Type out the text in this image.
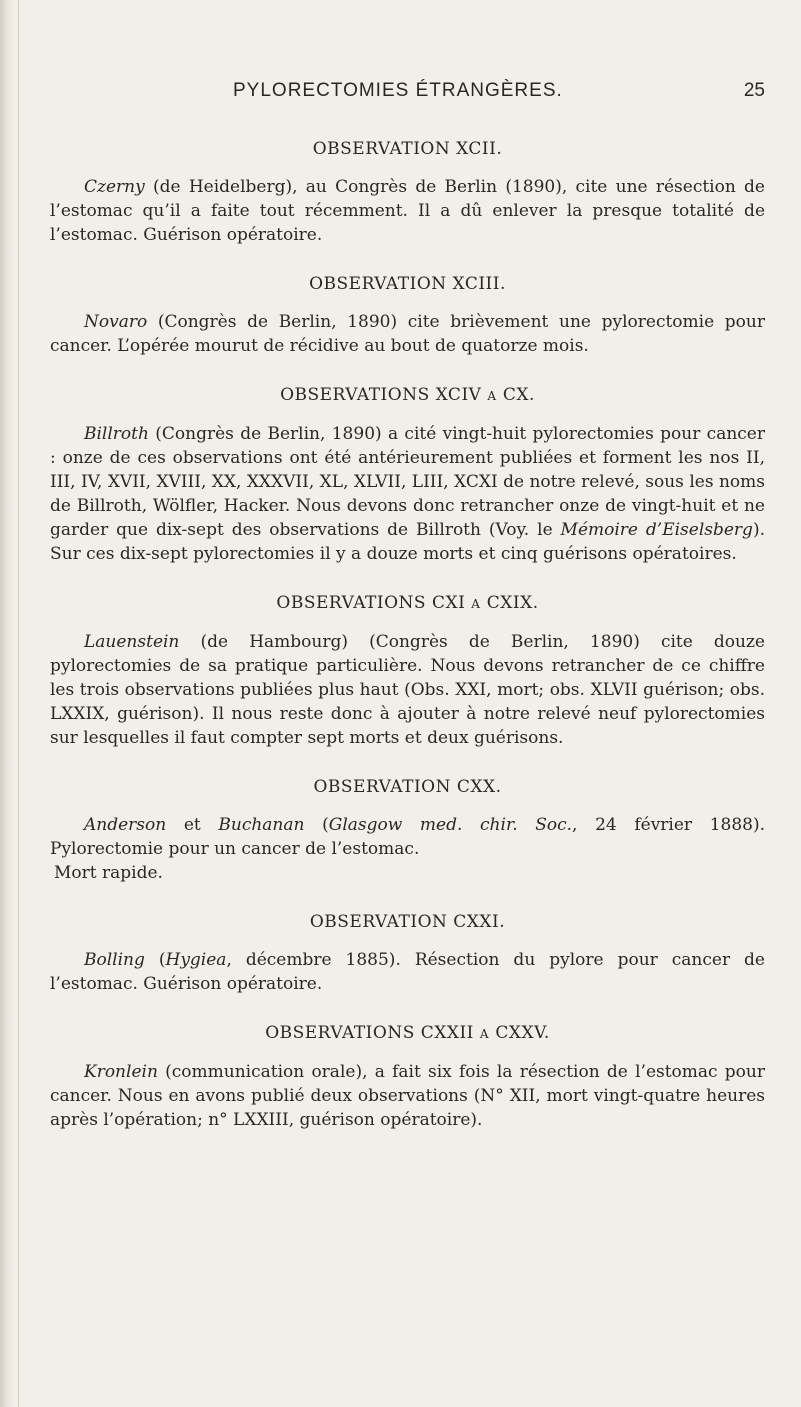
PYLORECTOMIES ÉTRANGÈRES.	25

OBSERVATION XCII.

Czerny (de Heidelberg), au Congrès de Berlin (1890), cite une résection de l’estomac qu’il a faite tout récemment. Il a dû enlever la presque totalité de l’estomac. Guérison opératoire.

OBSERVATION XCIII.

Novaro (Congrès de Berlin, 1890) cite brièvement une pylorectomie pour cancer. L’opérée mourut de récidive au bout de quatorze mois.

OBSERVATIONS XCIV A CX.

Billroth (Congrès de Berlin, 1890) a cité vingt-huit pylorectomies pour cancer : onze de ces observations ont été antérieurement publiées et forment les nos II, III, IV, XVII, XVIII, XX, XXXVII, XL, XLVII, LIII, XCXI de notre relevé, sous les noms de Billroth, Wölfler, Hacker. Nous devons donc retrancher onze de vingt-huit et ne garder que dix-sept des observations de Billroth (Voy. le Mémoire d’Eiselsberg). Sur ces dix-sept pylorectomies il y a douze morts et cinq guérisons opératoires.

OBSERVATIONS CXI A CXIX.

Lauenstein (de Hambourg) (Congrès de Berlin, 1890) cite douze pylorectomies de sa pratique particulière. Nous devons retrancher de ce chiffre les trois observations publiées plus haut (Obs. XXI, mort; obs. XLVII guérison; obs. LXXIX, guérison). Il nous reste donc à ajouter à notre relevé neuf pylorectomies sur lesquelles il faut compter sept morts et deux guérisons.

OBSERVATION CXX.

Anderson et Buchanan (Glasgow med. chir. Soc., 24 février 1888). Pylorectomie pour un cancer de l’estomac.
Mort rapide.

OBSERVATION CXXI.

Bolling (Hygiea, décembre 1885). Résection du pylore pour cancer de l’estomac. Guérison opératoire.

OBSERVATIONS CXXII A CXXV.

Kronlein (communication orale), a fait six fois la résection de l’estomac pour cancer. Nous en avons publié deux observations (N° XII, mort vingt-quatre heures après l’opération; n° LXXIII, guérison opératoire).
